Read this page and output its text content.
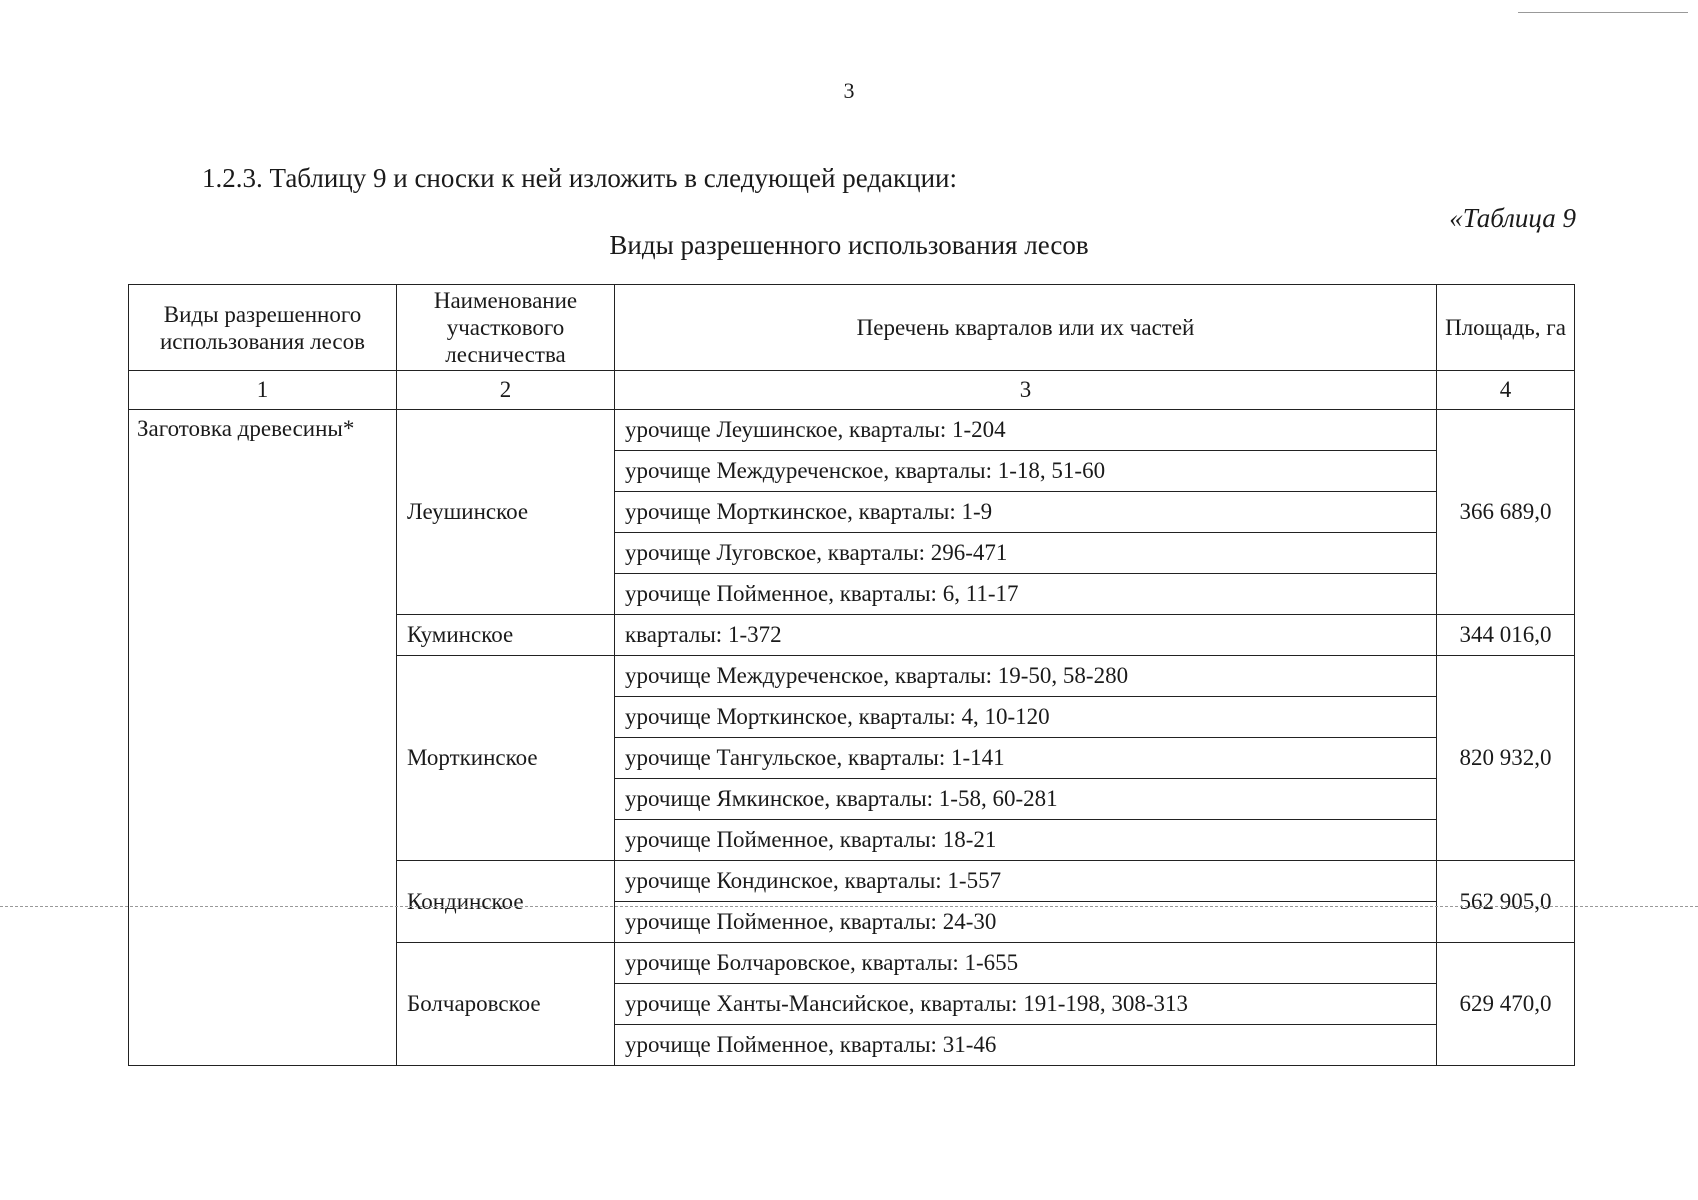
3
1.2.3. Таблицу 9 и сноски к ней изложить в следующей редакции:
«Таблица 9
Виды разрешенного использования лесов
Виды разрешенного использования лесов	Наименование участкового лесничества	Перечень кварталов или их частей	Площадь, га
1	2	3	4
Заготовка древесины*	Леушинское	урочище Леушинское, кварталы: 1-204	366 689,0
		урочище Междуреченское, кварталы: 1-18, 51-60	
		урочище Морткинское, кварталы: 1-9	
		урочище Луговское, кварталы: 296-471	
		урочище Пойменное, кварталы: 6, 11-17	
	Куминское	кварталы: 1-372	344 016,0
	Морткинское	урочище Междуреченское, кварталы: 19-50, 58-280	820 932,0
		урочище Морткинское, кварталы: 4, 10-120	
		урочище Тангульское, кварталы: 1-141	
		урочище Ямкинское, кварталы: 1-58, 60-281	
		урочище Пойменное, кварталы: 18-21	
	Кондинское	урочище Кондинское, кварталы: 1-557	562 905,0
		урочище Пойменное, кварталы: 24-30	
	Болчаровское	урочище Болчаровское, кварталы: 1-655	629 470,0
		урочище Ханты-Мансийское, кварталы: 191-198, 308-313	
		урочище Пойменное, кварталы: 31-46	
